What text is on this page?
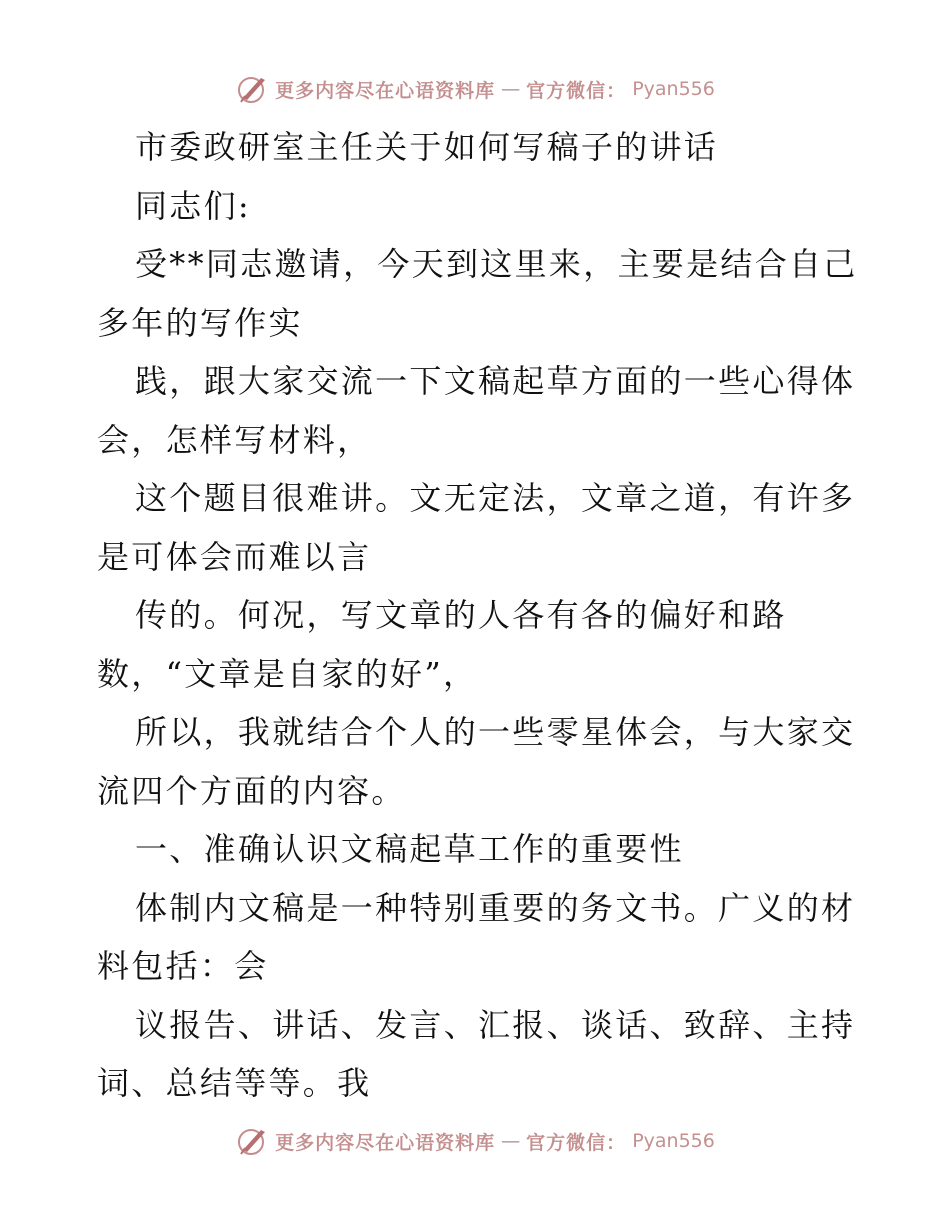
更多内容尽在心语资料库 — 官方微信： Pyan556
市委政研室主任关于如何写稿子的讲话
同志们:
受**同志邀请，今天到这里来，主要是结合自己
多年的写作实
践，跟大家交流一下文稿起草方面的一些心得体
会，怎样写材料，
这个题目很难讲。文无定法，文章之道，有许多
是可体会而难以言
传的。何况，写文章的人各有各的偏好和路
数，“文章是自家的好”，
所以，我就结合个人的一些零星体会，与大家交
流四个方面的内容。
一、准确认识文稿起草工作的重要性
体制内文稿是一种特别重要的务文书。广义的材
料包括：会
议报告、讲话、发言、汇报、谈话、致辞、主持
词、总结等等。我
更多内容尽在心语资料库 — 官方微信： Pyan556
